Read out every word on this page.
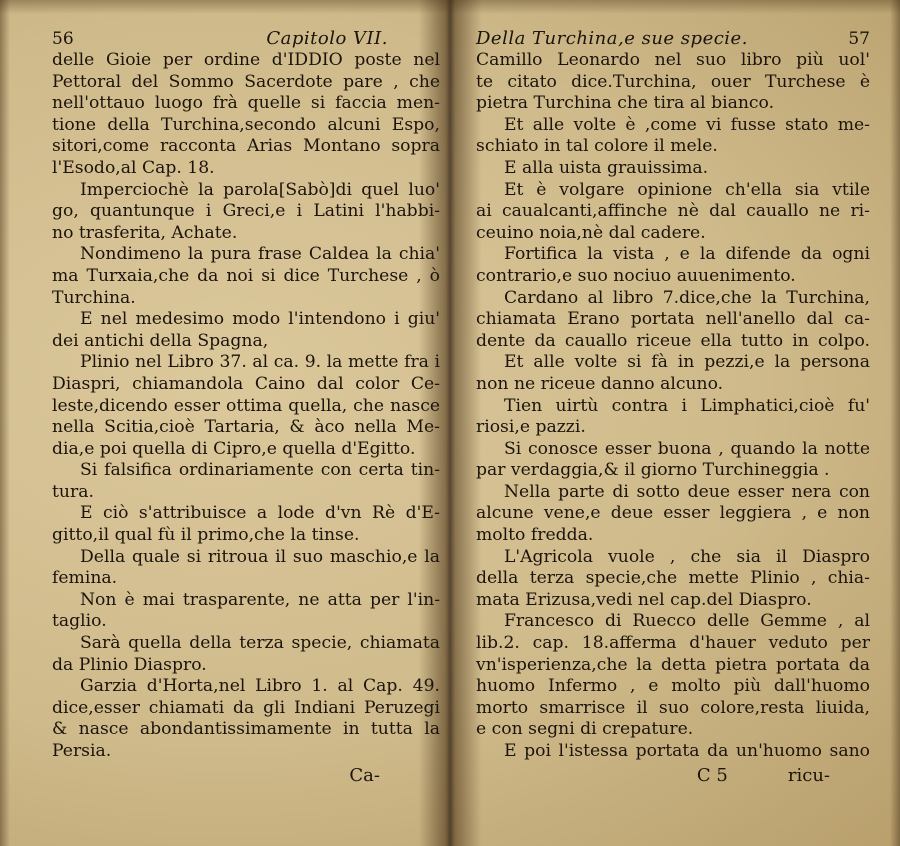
56	Capitolo VII.
delle Gioie per ordine d'IDDIO poste nel
Pettoral del Sommo Sacerdote pare , che
nell'ottauo luogo frà quelle si faccia men-
tione della Turchina,secondo alcuni Espo,
sitori,come racconta Arias Montano sopra
l'Esodo,al Cap. 18.
Imperciochè la parola[Sabò]di quel luo'
go, quantunque i Greci,e i Latini l'habbi-
no trasferita, Achate.
Nondimeno la pura frase Caldea la chia'
ma Turxaia,che da noi si dice Turchese , ò
Turchina.
E nel medesimo modo l'intendono i giu'
dei antichi della Spagna,
Plinio nel Libro 37. al ca. 9. la mette fra i
Diaspri, chiamandola Caino dal color Ce-
leste,dicendo esser ottima quella, che nasce
nella Scitia,cioè Tartaria, & àco nella Me-
dia,e poi quella di Cipro,e quella d'Egitto.
Si falsifica ordinariamente con certa tin-
tura.
E ciò s'attribuisce a lode d'vn Rè d'E-
gitto,il qual fù il primo,che la tinse.
Della quale si ritroua il suo maschio,e la
femina.
Non è mai trasparente, ne atta per l'in-
taglio.
Sarà quella della terza specie, chiamata
da Plinio Diaspro.
Garzia d'Horta,nel Libro 1. al Cap. 49.
dice,esser chiamati da gli Indiani Peruzegi
& nasce abondantissimamente in tutta la
Persia.
Ca-
Della Turchina,e sue specie.	57
Camillo Leonardo nel suo libro più uol'
te citato dice.Turchina, ouer Turchese è
pietra Turchina che tira al bianco.
Et alle volte è ,come vi fusse stato me-
schiato in tal colore il mele.
E alla uista grauissima.
Et è volgare opinione ch'ella sia vtile
ai caualcanti,affinche nè dal cauallo ne ri-
ceuino noia,nè dal cadere.
Fortifica la vista , e la difende da ogni
contrario,e suo nociuo auuenimento.
Cardano al libro 7.dice,che la Turchina,
chiamata Erano portata nell'anello dal ca-
dente da cauallo riceue ella tutto in colpo.
Et alle volte si fà in pezzi,e la persona
non ne riceue danno alcuno.
Tien uirtù contra i Limphatici,cioè fu'
riosi,e pazzi.
Si conosce esser buona , quando la notte
par verdaggia,& il giorno Turchineggia .
Nella parte di sotto deue esser nera con
alcune vene,e deue esser leggiera , e non
molto fredda.
L'Agricola vuole , che sia il Diaspro
della terza specie,che mette Plinio , chia-
mata Erizusa,vedi nel cap.del Diaspro.
Francesco di Ruecco delle Gemme , al
lib.2. cap. 18.afferma d'hauer veduto per
vn'isperienza,che la detta pietra portata da
huomo Infermo , e molto più dall'huomo
morto smarrisce il suo colore,resta liuida,
e con segni di crepature.
E poi l'istessa portata da un'huomo sano
C 5	ricu-
